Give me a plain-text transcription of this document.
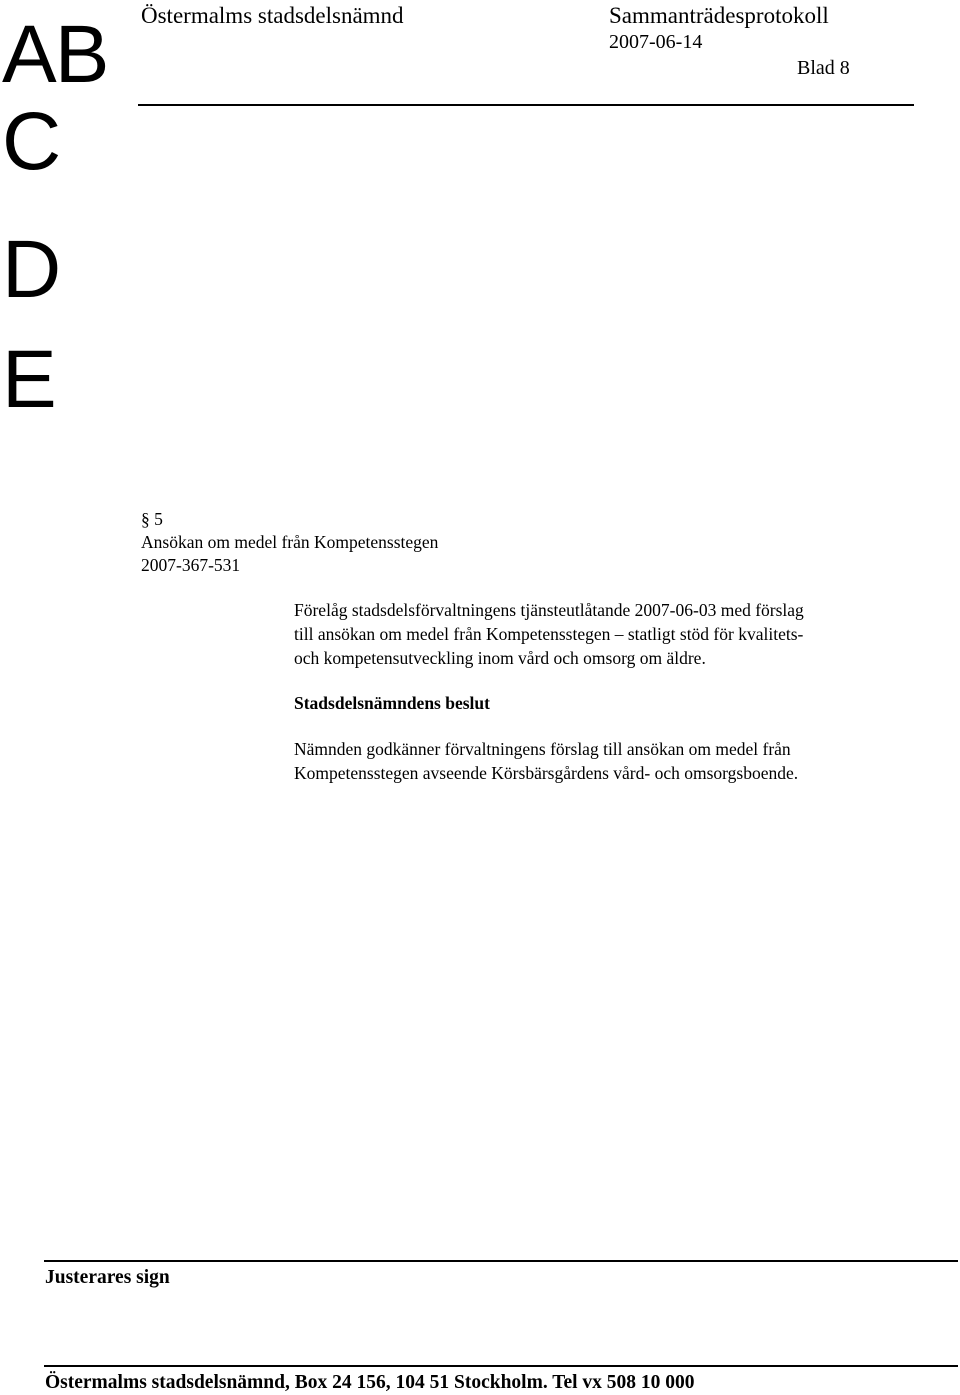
AB
C
D
E
Östermalms stadsdelsnämnd	Sammanträdesprotokoll
2007-06-14
Blad 8
§ 5
Ansökan om medel från Kompetensstegen
2007-367-531
Förelåg stadsdelsförvaltningens tjänsteutlåtande 2007-06-03 med förslag
till ansökan om medel från Kompetensstegen – statligt stöd för kvalitets-
och kompetensutveckling inom vård och omsorg om äldre.
Stadsdelsnämndens beslut
Nämnden godkänner förvaltningens förslag till ansökan om medel från
Kompetensstegen avseende Körsbärsgårdens vård- och omsorgsboende.
Justerares sign
Östermalms stadsdelsnämnd, Box 24 156, 104 51 Stockholm. Tel vx 508 10 000
